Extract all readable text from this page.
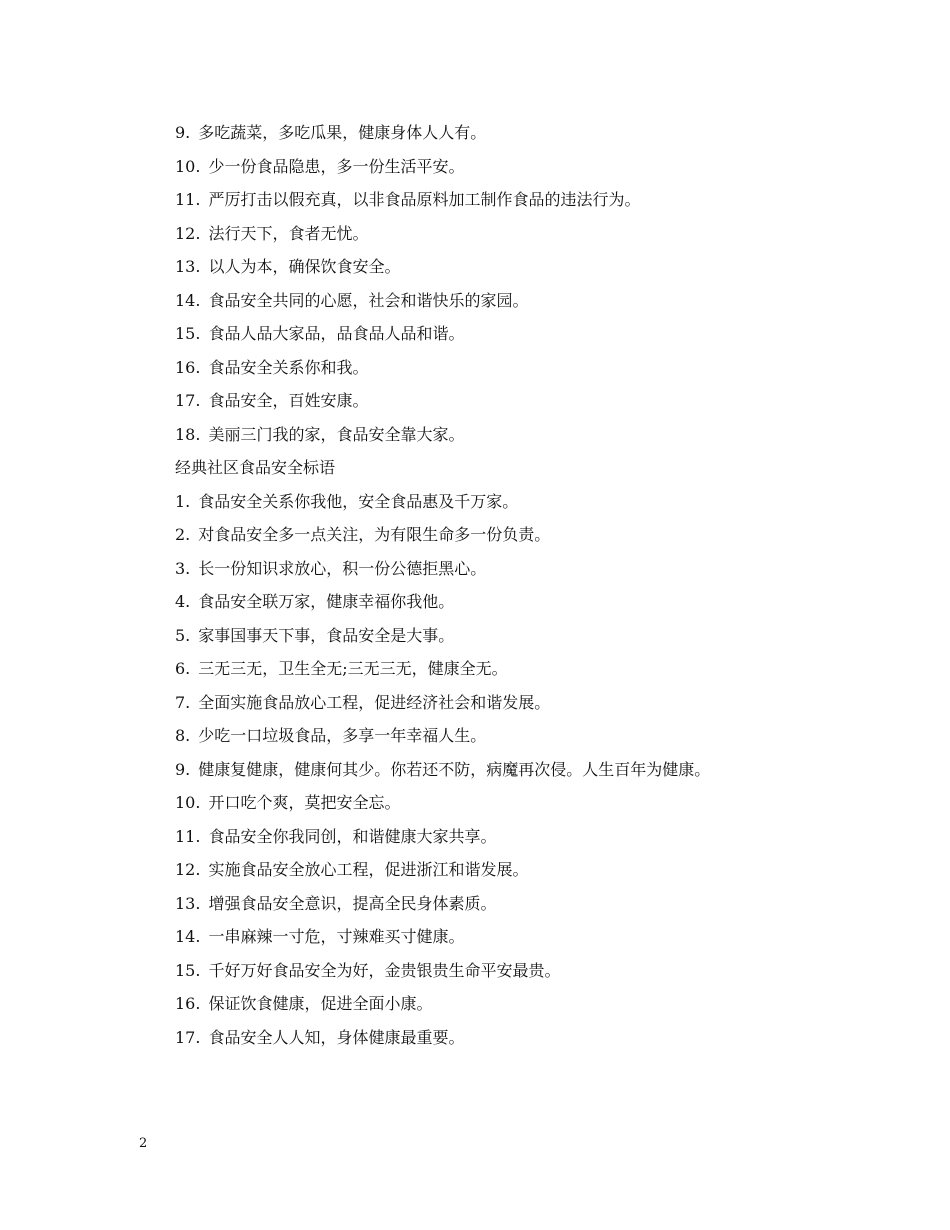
9. 多吃蔬菜，多吃瓜果，健康身体人人有。
10. 少一份食品隐患，多一份生活平安。
11. 严厉打击以假充真，以非食品原料加工制作食品的违法行为。
12. 法行天下，食者无忧。
13. 以人为本，确保饮食安全。
14. 食品安全共同的心愿，社会和谐快乐的家园。
15. 食品人品大家品，品食品人品和谐。
16. 食品安全关系你和我。
17. 食品安全，百姓安康。
18. 美丽三门我的家，食品安全靠大家。
经典社区食品安全标语
1. 食品安全关系你我他，安全食品惠及千万家。
2. 对食品安全多一点关注，为有限生命多一份负责。
3. 长一份知识求放心，积一份公德拒黑心。
4. 食品安全联万家，健康幸福你我他。
5. 家事国事天下事，食品安全是大事。
6. 三无三无，卫生全无;三无三无，健康全无。
7. 全面实施食品放心工程，促进经济社会和谐发展。
8. 少吃一口垃圾食品，多享一年幸福人生。
9. 健康复健康，健康何其少。你若还不防，病魔再次侵。人生百年为健康。
10. 开口吃个爽，莫把安全忘。
11. 食品安全你我同创，和谐健康大家共享。
12. 实施食品安全放心工程，促进浙江和谐发展。
13. 增强食品安全意识，提高全民身体素质。
14. 一串麻辣一寸危，寸辣难买寸健康。
15. 千好万好食品安全为好，金贵银贵生命平安最贵。
16. 保证饮食健康，促进全面小康。
17. 食品安全人人知，身体健康最重要。
2
